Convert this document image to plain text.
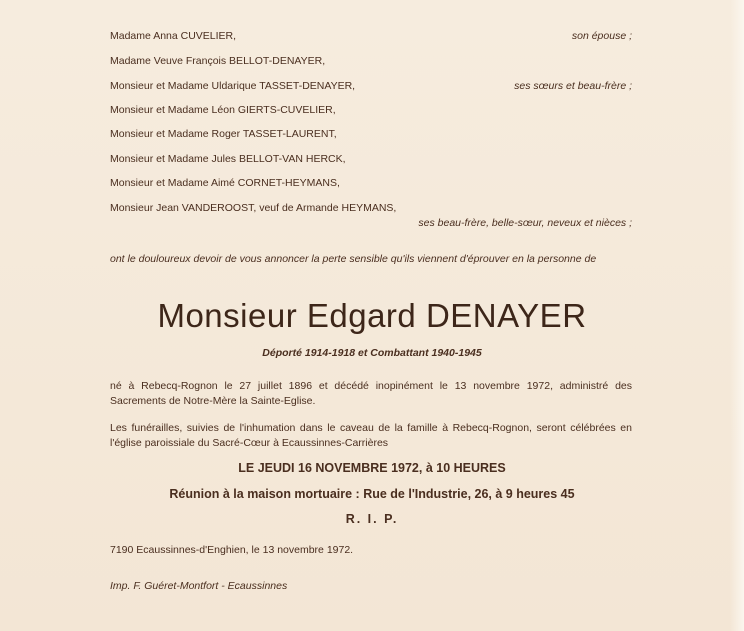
Madame Anna CUVELIER,	son épouse ;
Madame Veuve François BELLOT-DENAYER,
Monsieur et Madame Uldarique TASSET-DENAYER,	ses sœurs et beau-frère ;
Monsieur et Madame Léon GIERTS-CUVELIER,
Monsieur et Madame Roger TASSET-LAURENT,
Monsieur et Madame Jules BELLOT-VAN HERCK,
Monsieur et Madame Aimé CORNET-HEYMANS,
Monsieur Jean VANDEROOST, veuf de Armande HEYMANS,
ses beau-frère, belle-sœur, neveux et nièces ;
ont le douloureux devoir de vous annoncer la perte sensible qu'ils viennent d'éprouver en la personne de
Monsieur Edgard DENAYER
Déporté 1914-1918 et Combattant 1940-1945
né à Rebecq-Rognon le 27 juillet 1896 et décédé inopinément le 13 novembre 1972, administré des Sacrements de Notre-Mère la Sainte-Eglise.
Les funérailles, suivies de l'inhumation dans le caveau de la famille à Rebecq-Rognon, seront célébrées en l'église paroissiale du Sacré-Cœur à Ecaussinnes-Carrières
LE JEUDI 16 NOVEMBRE 1972, à 10 HEURES
Réunion à la maison mortuaire : Rue de l'Industrie, 26, à 9 heures 45
R. I. P.
7190 Ecaussinnes-d'Enghien, le 13 novembre 1972.
Imp. F. Guéret-Montfort - Ecaussinnes
